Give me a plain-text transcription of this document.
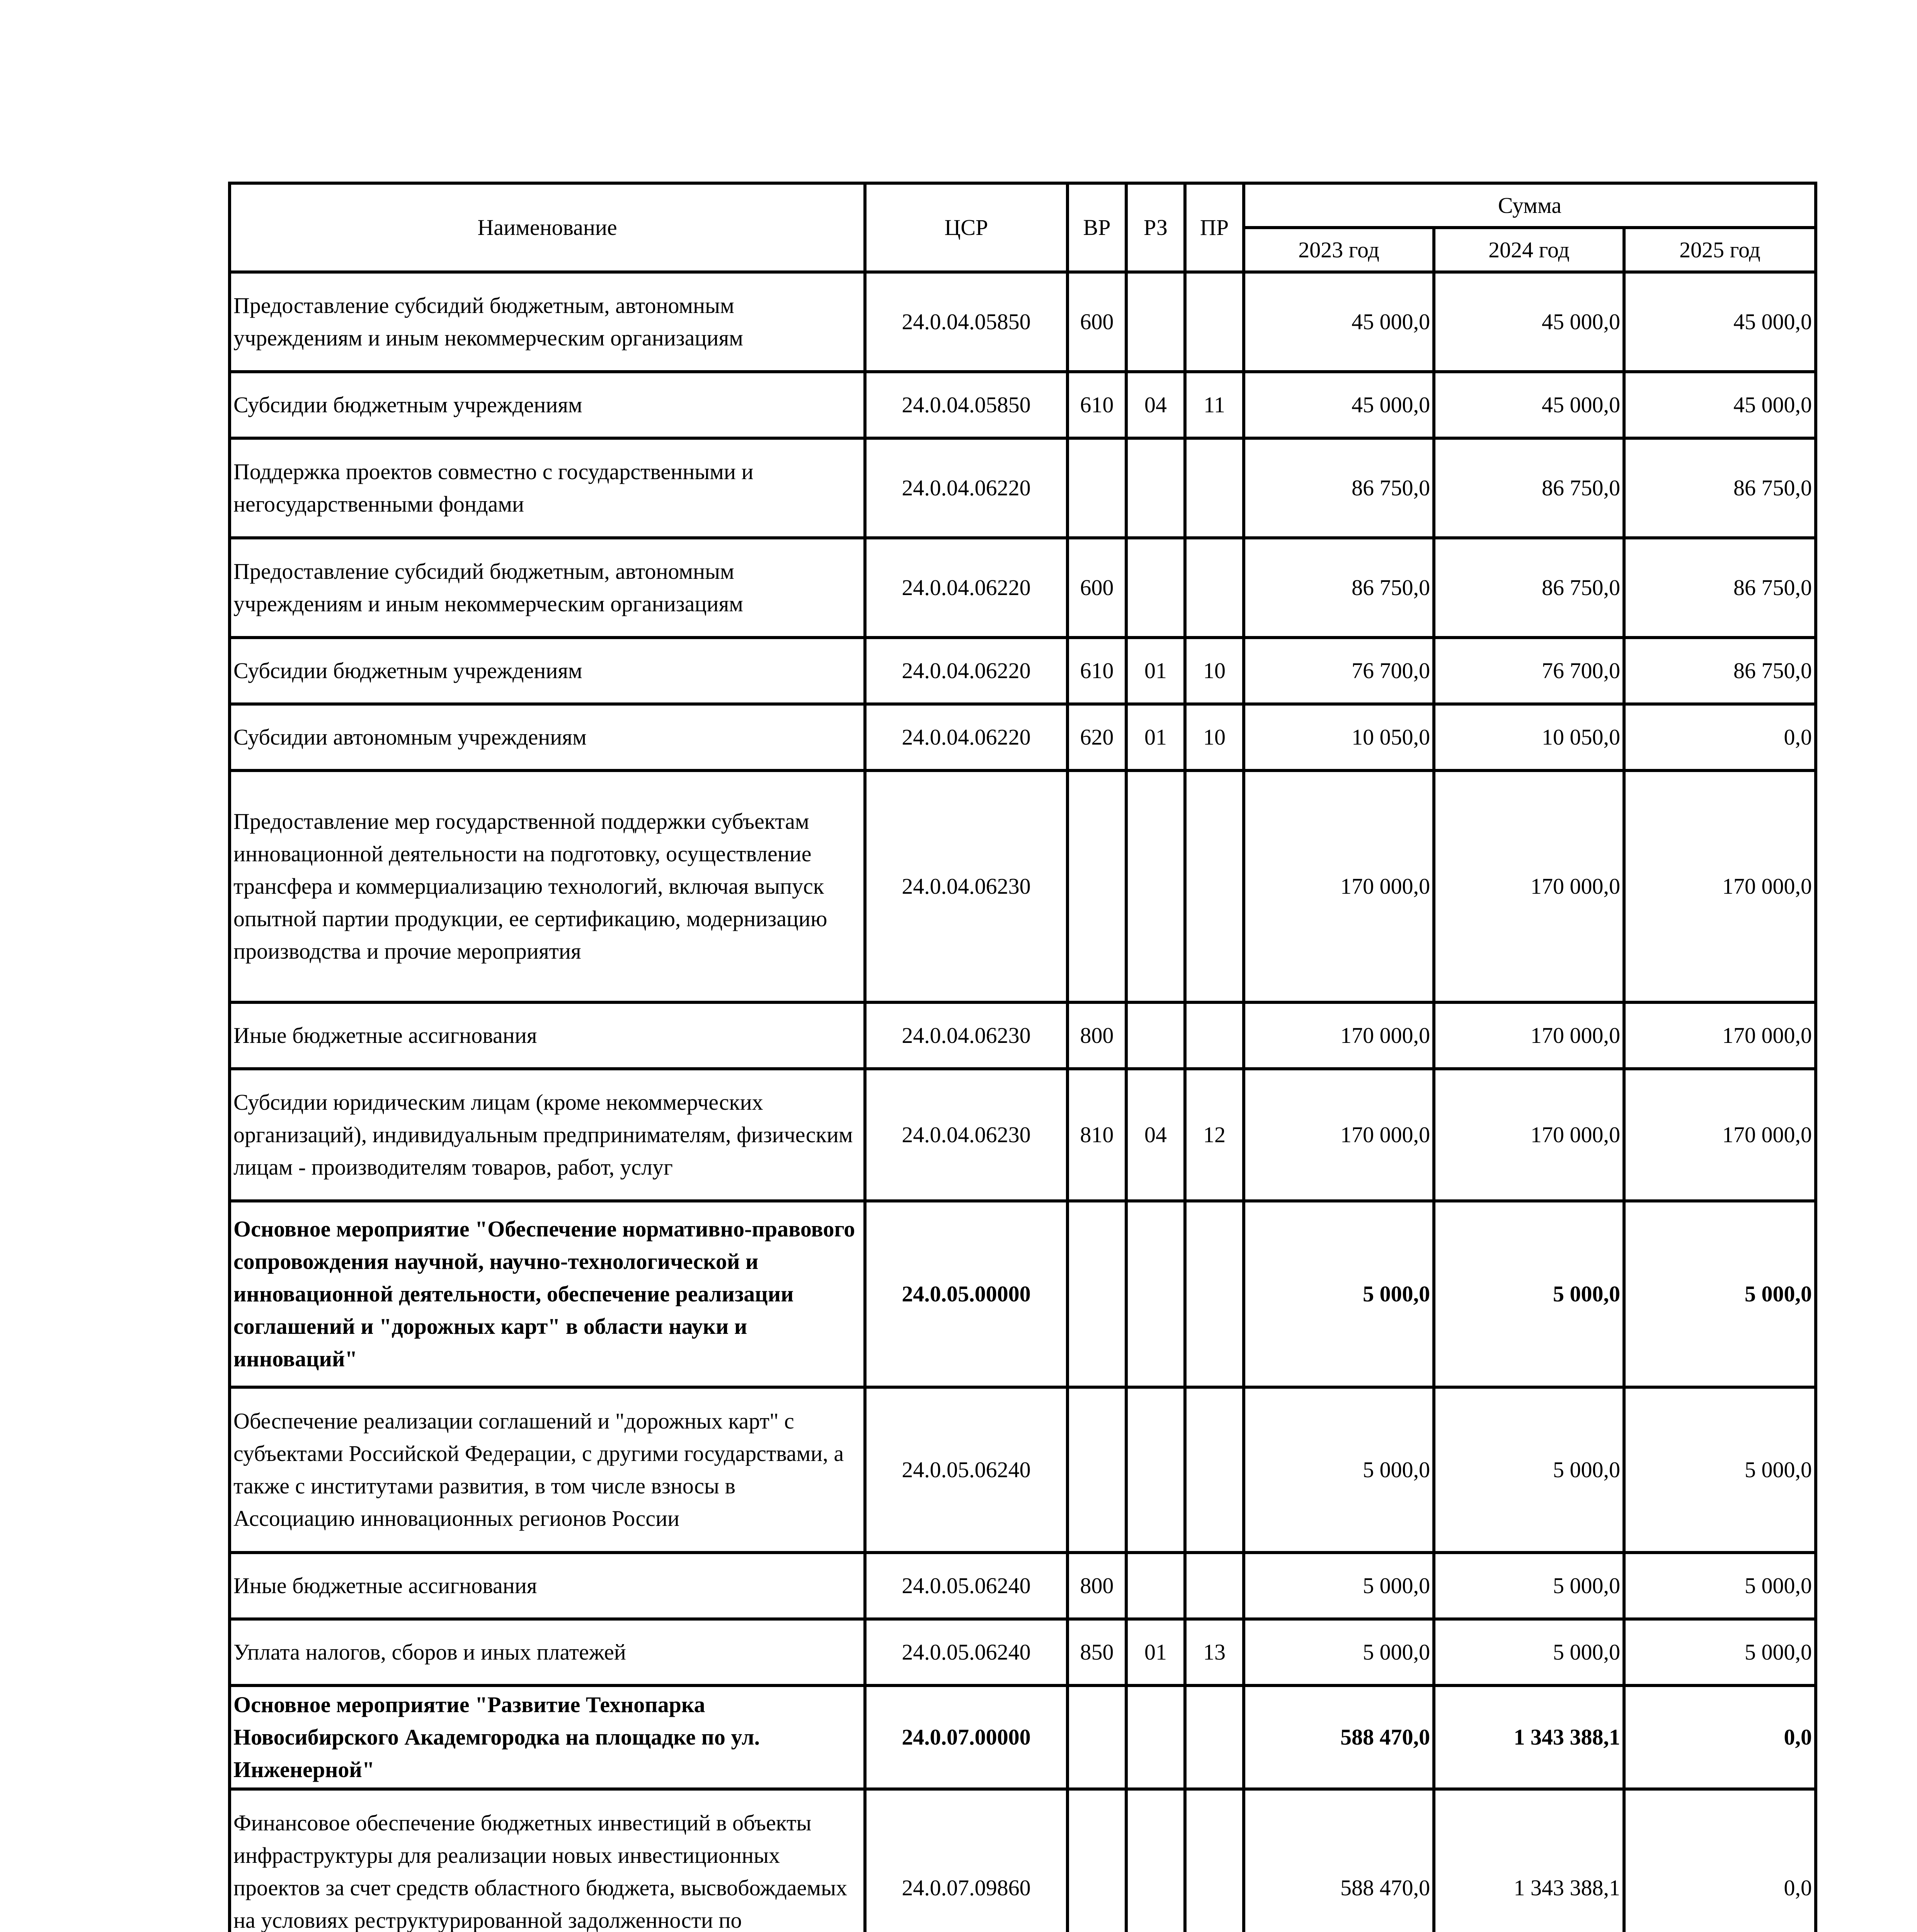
Наименование	ЦСР	ВР	РЗ	ПР	Сумма		
					2023 год	2024 год	2025 год
Предоставление субсидий бюджетным, автономным учреждениям и иным некоммерческим организациям	24.0.04.05850	600			45 000,0	45 000,0	45 000,0
Субсидии бюджетным учреждениям	24.0.04.05850	610	04	11	45 000,0	45 000,0	45 000,0
Поддержка проектов совместно с государственными и негосударственными фондами	24.0.04.06220				86 750,0	86 750,0	86 750,0
Предоставление субсидий бюджетным, автономным учреждениям и иным некоммерческим организациям	24.0.04.06220	600			86 750,0	86 750,0	86 750,0
Субсидии бюджетным учреждениям	24.0.04.06220	610	01	10	76 700,0	76 700,0	86 750,0
Субсидии автономным учреждениям	24.0.04.06220	620	01	10	10 050,0	10 050,0	0,0
Предоставление мер государственной поддержки субъектам инновационной деятельности на подготовку, осуществление трансфера и коммерциализацию технологий, включая выпуск опытной партии продукции, ее сертификацию, модернизацию производства и прочие мероприятия	24.0.04.06230				170 000,0	170 000,0	170 000,0
Иные бюджетные ассигнования	24.0.04.06230	800			170 000,0	170 000,0	170 000,0
Субсидии юридическим лицам (кроме некоммерческих организаций), индивидуальным предпринимателям, физическим лицам - производителям товаров, работ, услуг	24.0.04.06230	810	04	12	170 000,0	170 000,0	170 000,0
Основное мероприятие "Обеспечение нормативно-правового сопровождения научной, научно-технологической и инновационной деятельности, обеспечение реализации соглашений и "дорожных карт" в области науки и инноваций"	24.0.05.00000				5 000,0	5 000,0	5 000,0
Обеспечение реализации соглашений и "дорожных карт" с субъектами Российской Федерации, с другими государствами, а также с институтами развития, в том числе взносы в Ассоциацию инновационных регионов России	24.0.05.06240				5 000,0	5 000,0	5 000,0
Иные бюджетные ассигнования	24.0.05.06240	800			5 000,0	5 000,0	5 000,0
Уплата налогов, сборов и иных платежей	24.0.05.06240	850	01	13	5 000,0	5 000,0	5 000,0
Основное мероприятие "Развитие Технопарка Новосибирского Академгородка на площадке по ул. Инженерной"	24.0.07.00000				588 470,0	1 343 388,1	0,0
Финансовое обеспечение бюджетных инвестиций в объекты инфраструктуры для реализации новых инвестиционных проектов за счет средств областного бюджета, высвобождаемых на условиях реструктурированной задолженности по	24.0.07.09860				588 470,0	1 343 388,1	0,0
